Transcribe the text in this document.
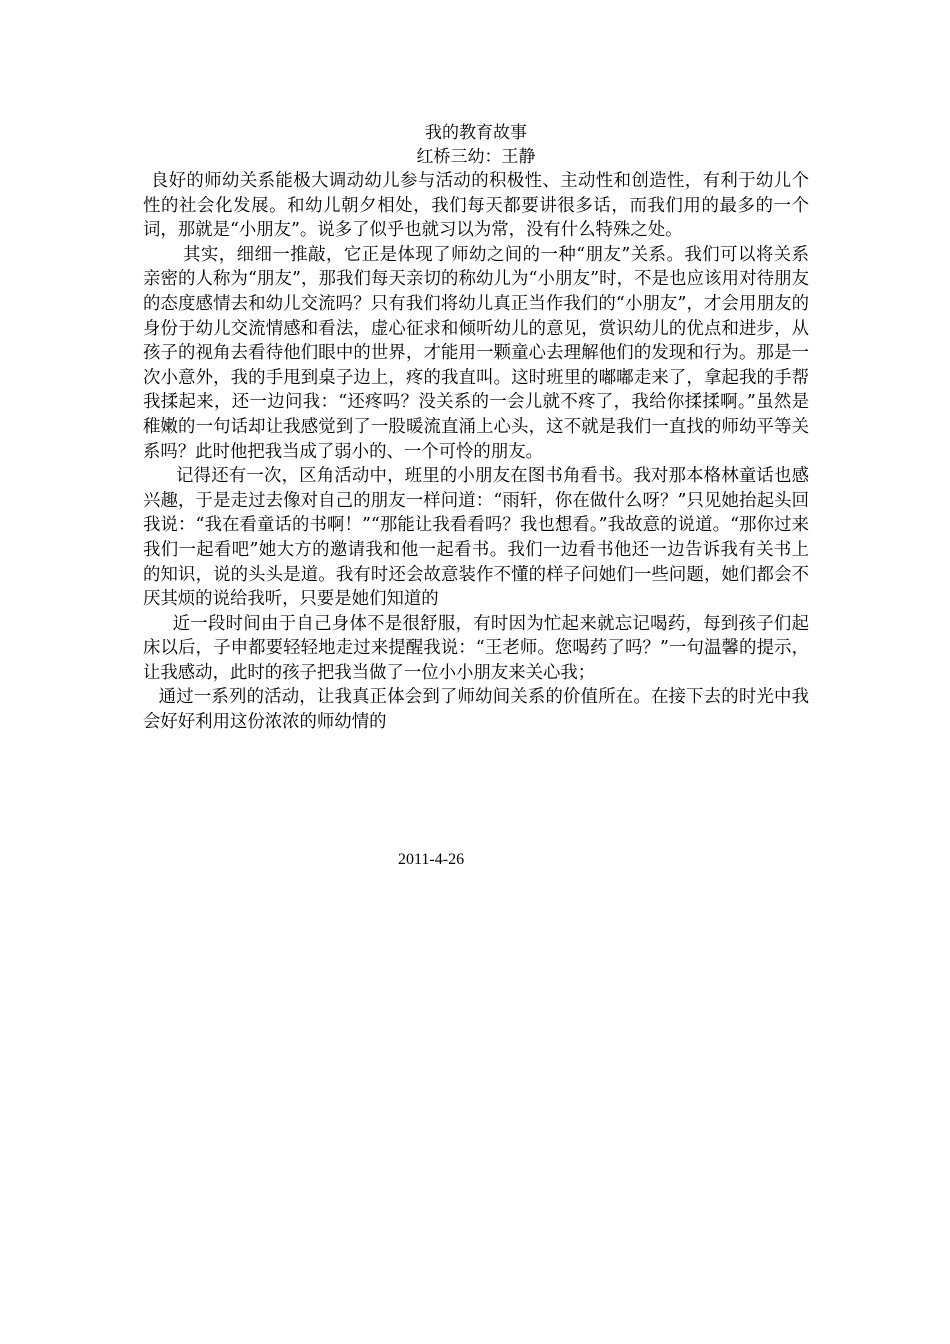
我的教育故事

红桥三幼：王静

良好的师幼关系能极大调动幼儿参与活动的积极性、主动性和创造性，有利于幼儿个性的社会化发展。和幼儿朝夕相处，我们每天都要讲很多话，而我们用的最多的一个词，那就是“小朋友”。说多了似乎也就习以为常，没有什么特殊之处。

其实，细细一推敲，它正是体现了师幼之间的一种“朋友”关系。我们可以将关系亲密的人称为“朋友”，那我们每天亲切的称幼儿为“小朋友”时，不是也应该用对待朋友的态度感情去和幼儿交流吗？只有我们将幼儿真正当作我们的“小朋友”，才会用朋友的身份于幼儿交流情感和看法，虚心征求和倾听幼儿的意见，赏识幼儿的优点和进步，从孩子的视角去看待他们眼中的世界，才能用一颗童心去理解他们的发现和行为。那是一次小意外，我的手甩到桌子边上，疼的我直叫。这时班里的嘟嘟走来了，拿起我的手帮我揉起来，还一边问我：“还疼吗？没关系的一会儿就不疼了，我给你揉揉啊。”虽然是稚嫩的一句话却让我感觉到了一股暖流直涌上心头，这不就是我们一直找的师幼平等关系吗？此时他把我当成了弱小的、一个可怜的朋友。

记得还有一次，区角活动中，班里的小朋友在图书角看书。我对那本格林童话也感兴趣，于是走过去像对自己的朋友一样问道：“雨轩，你在做什么呀？”只见她抬起头回我说：“我在看童话的书啊！”“那能让我看看吗？我也想看。”我故意的说道。“那你过来我们一起看吧”她大方的邀请我和他一起看书。我们一边看书他还一边告诉我有关书上的知识，说的头头是道。我有时还会故意装作不懂的样子问她们一些问题，她们都会不厌其烦的说给我听，只要是她们知道的

近一段时间由于自己身体不是很舒服，有时因为忙起来就忘记喝药，每到孩子们起床以后，子申都要轻轻地走过来提醒我说：“王老师。您喝药了吗？”一句温馨的提示，让我感动，此时的孩子把我当做了一位小小朋友来关心我；

通过一系列的活动，让我真正体会到了师幼间关系的价值所在。在接下去的时光中我会好好利用这份浓浓的师幼情的

2011-4-26
